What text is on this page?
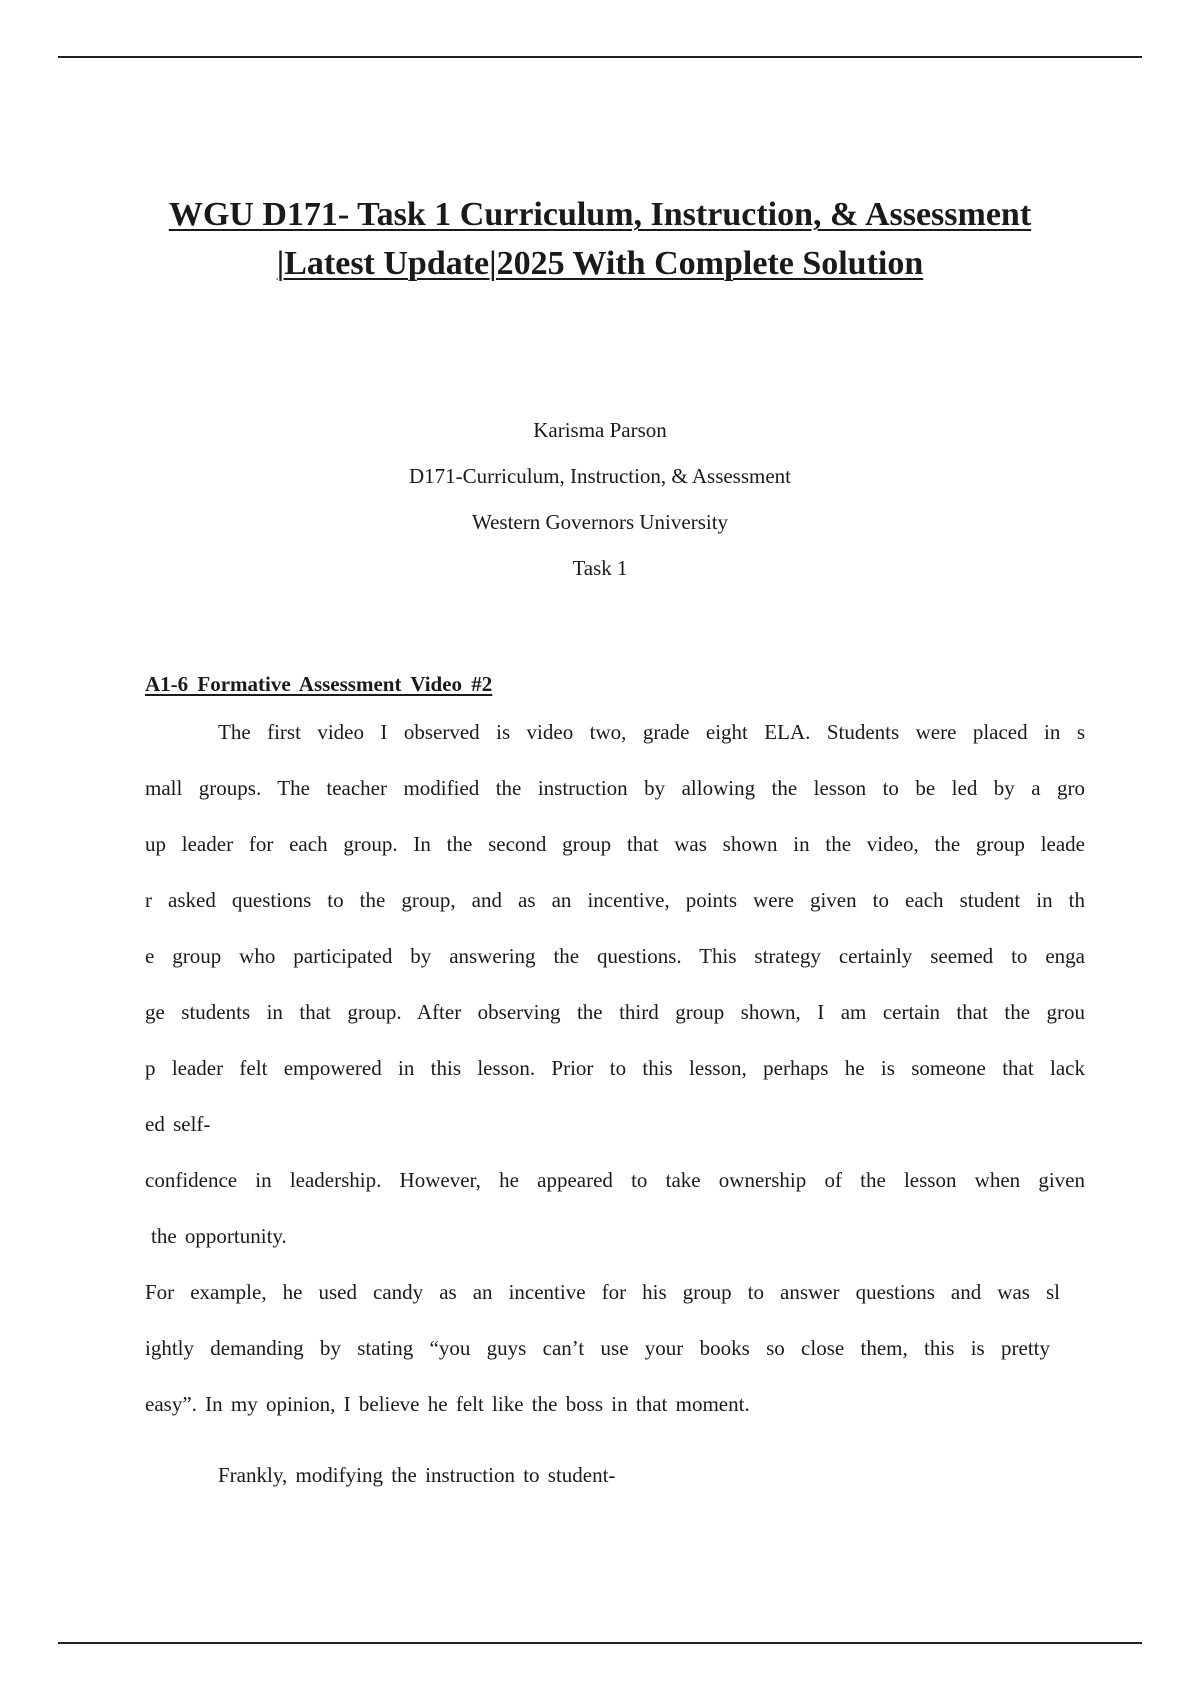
WGU D171- Task 1 Curriculum, Instruction, & Assessment
|Latest Update|2025 With Complete Solution
Karisma Parson
D171-Curriculum, Instruction, & Assessment
Western Governors University
Task 1
A1-6 Formative Assessment Video #2
The first video I observed is video two, grade eight ELA. Students were placed in s
mall groups. The teacher modified the instruction by allowing the lesson to be led by a gro
up leader for each group. In the second group that was shown in the video, the group leade
r asked questions to the group, and as an incentive, points were given to each student in th
e group who participated by answering the questions. This strategy certainly seemed to enga
ge students in that group. After observing the third group shown, I am certain that the grou
p leader felt empowered in this lesson. Prior to this lesson, perhaps he is someone that lack
ed self-
confidence in leadership. However, he appeared to take ownership of the lesson when given
the opportunity.
For example, he used candy as an incentive for his group to answer questions and was sl
ightly demanding by stating “you guys can’t use your books so close them, this is pretty
easy”. In my opinion, I believe he felt like the boss in that moment.
Frankly, modifying the instruction to student-
